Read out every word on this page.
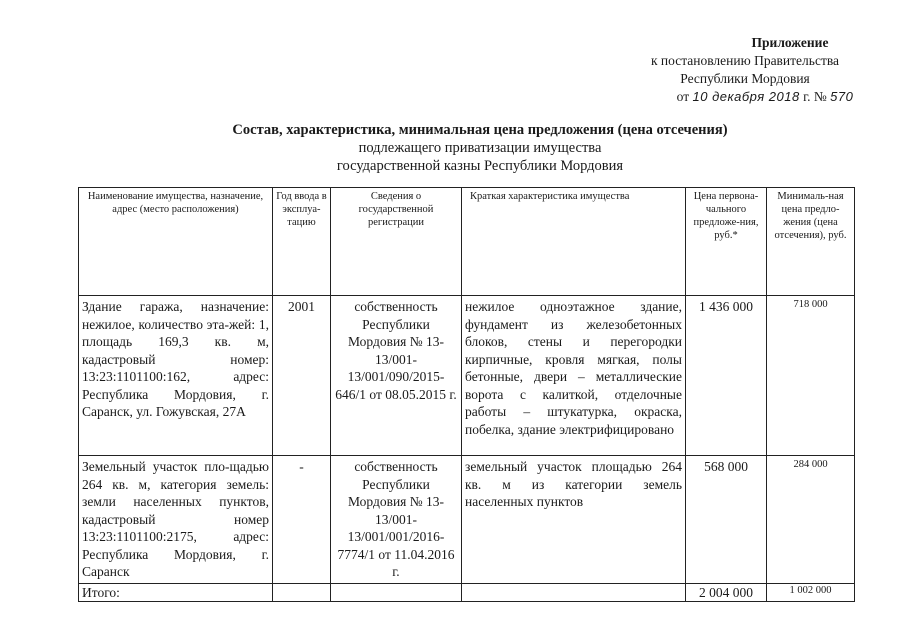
Приложение
к постановлению Правительства
Республики Мордовия
от 10 декабря 2018 г. № 570
Состав, характеристика, минимальная цена предложения (цена отсечения)
подлежащего приватизации имущества
государственной казны Республики Мордовия
Наименование имущества, назначение, адрес (место расположения)	Год ввода в эксплуа-тацию	Сведения о государственной регистрации	Краткая характеристика имущества	Цена первона-чального предложе-ния, руб.*	Минималь-ная цена предло-жения (цена отсечения), руб.
Здание гаража, назначение: нежилое, количество эта-жей: 1, площадь 169,3 кв. м, кадастровый номер: 13:23:1101100:162, адрес: Республика Мордовия, г. Саранск, ул. Гожувская, 27А	2001	собственность Республики Мордовия № 13-13/001-13/001/090/2015-646/1 от 08.05.2015 г.	нежилое одноэтажное здание, фундамент из железобетонных блоков, стены и перегородки кирпичные, кровля мягкая, полы бетонные, двери – металлические ворота с калиткой, отделочные работы – штукатурка, окраска, побелка, здание электрифицировано	1 436 000	718 000
Земельный участок пло-щадью 264 кв. м, категория земель: земли населенных пунктов, кадастровый номер 13:23:1101100:2175, адрес: Республика Мордовия, г. Саранск	-	собственность Республики Мордовия № 13-13/001-13/001/001/2016-7774/1 от 11.04.2016 г.	земельный участок площадью 264 кв. м из категории земель населенных пунктов	568 000	284 000
Итого:				2 004 000	1 002 000
